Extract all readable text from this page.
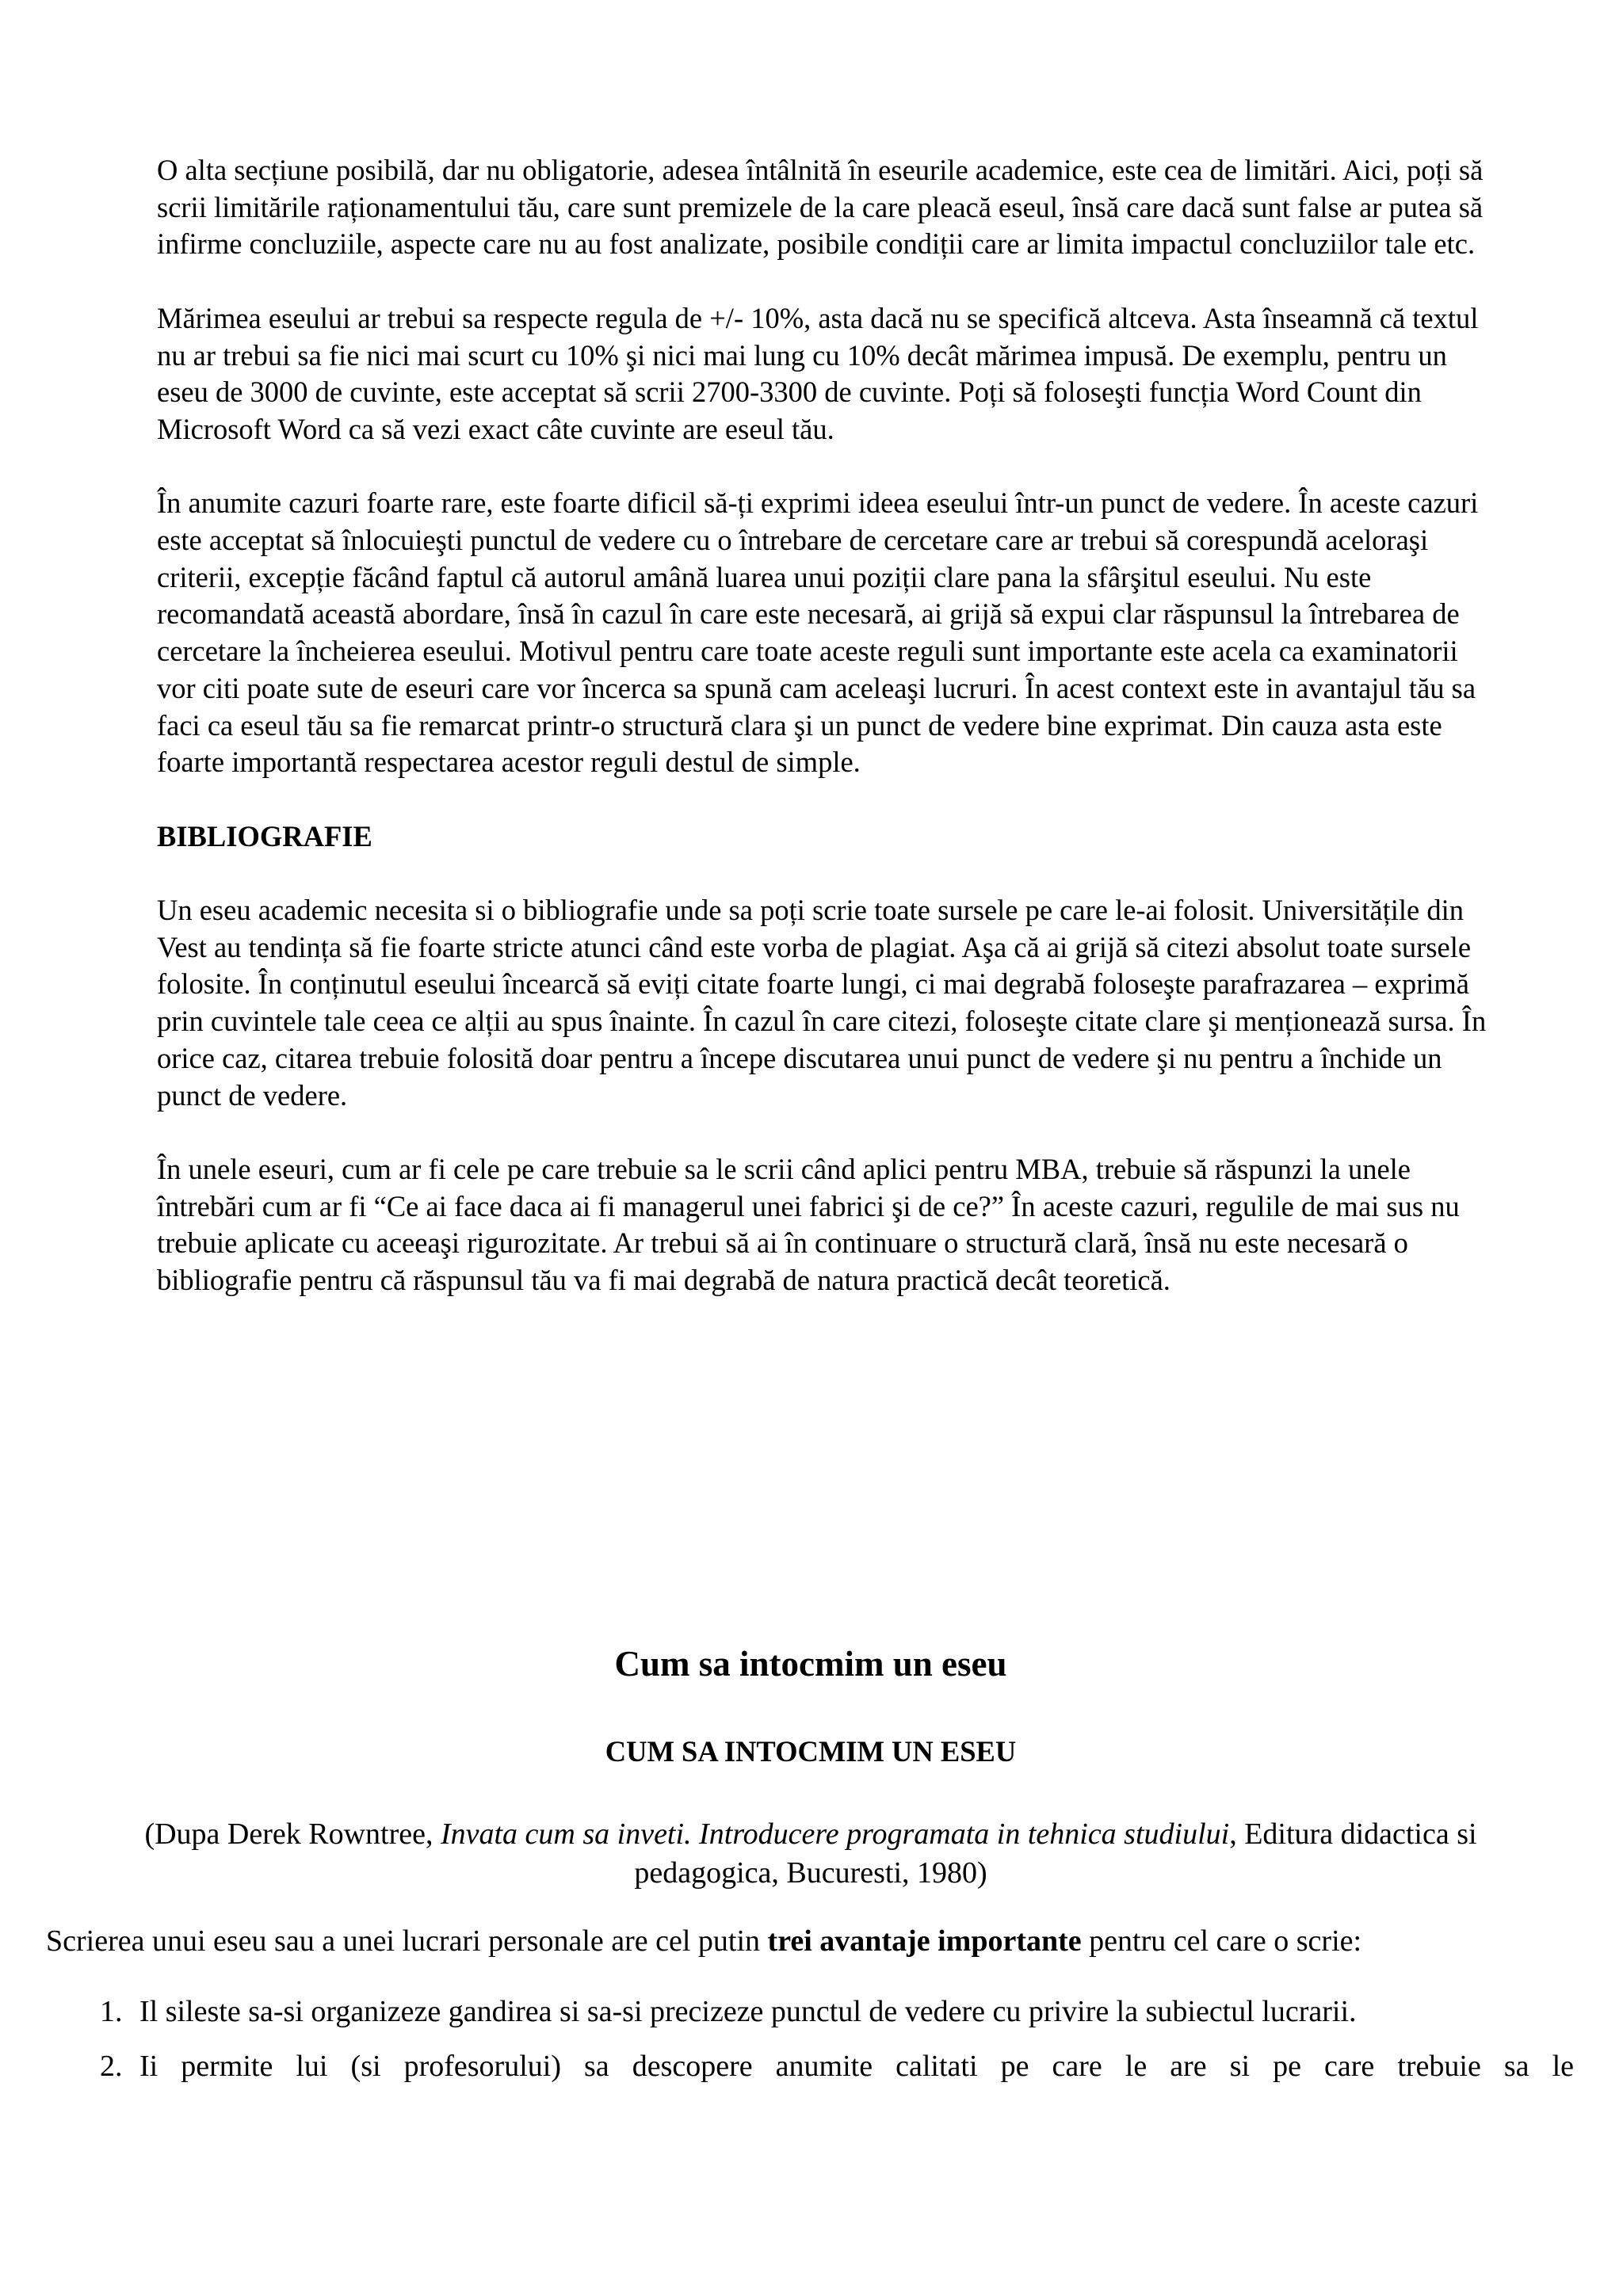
O alta secțiune posibilă, dar nu obligatorie, adesea întâlnită în eseurile academice, este cea de limitări. Aici, poți să scrii limitările raționamentului tău, care sunt premizele de la care pleacă eseul, însă care dacă sunt false ar putea să infirme concluziile, aspecte care nu au fost analizate, posibile condiții care ar limita impactul concluziilor tale etc.

Mărimea eseului ar trebui sa respecte regula de +/- 10%, asta dacă nu se specifică altceva. Asta înseamnă că textul nu ar trebui sa fie nici mai scurt cu 10% şi nici mai lung cu 10% decât mărimea impusă. De exemplu, pentru un eseu de 3000 de cuvinte, este acceptat să scrii 2700-3300 de cuvinte. Poți să foloseşti funcția Word Count din Microsoft Word ca să vezi exact câte cuvinte are eseul tău.

În anumite cazuri foarte rare, este foarte dificil să-ți exprimi ideea eseului într-un punct de vedere. În aceste cazuri este acceptat să înlocuieşti punctul de vedere cu o întrebare de cercetare care ar trebui să corespundă aceloraşi criterii, excepție făcând faptul că autorul amână luarea unui poziții clare pana la sfârşitul eseului. Nu este recomandată această abordare, însă în cazul în care este necesară, ai grijă să expui clar răspunsul la întrebarea de cercetare la încheierea eseului. Motivul pentru care toate aceste reguli sunt importante este acela ca examinatorii vor citi poate sute de eseuri care vor încerca sa spună cam aceleaşi lucruri. În acest context este in avantajul tău sa faci ca eseul tău sa fie remarcat printr-o structură clara şi un punct de vedere bine exprimat. Din cauza asta este foarte importantă respectarea acestor reguli destul de simple.

BIBLIOGRAFIE

Un eseu academic necesita si o bibliografie unde sa poți scrie toate sursele pe care le-ai folosit. Universitățile din Vest au tendința să fie foarte stricte atunci când este vorba de plagiat. Aşa că ai grijă să citezi absolut toate sursele folosite. În conținutul eseului încearcă să eviți citate foarte lungi, ci mai degrabă foloseşte parafrazarea – exprimă prin cuvintele tale ceea ce alții au spus înainte. În cazul în care citezi, foloseşte citate clare şi menționează sursa. În orice caz, citarea trebuie folosită doar pentru a începe discutarea unui punct de vedere şi nu pentru a închide un punct de vedere.

În unele eseuri, cum ar fi cele pe care trebuie sa le scrii când aplici pentru MBA, trebuie să răspunzi la unele întrebări cum ar fi “Ce ai face daca ai fi managerul unei fabrici şi de ce?” În aceste cazuri, regulile de mai sus nu trebuie aplicate cu aceeaşi rigurozitate. Ar trebui să ai în continuare o structură clară, însă nu este necesară o bibliografie pentru că răspunsul tău va fi mai degrabă de natura practică decât teoretică.

Cum sa intocmim un eseu
CUM SA INTOCMIM UN ESEU
(Dupa Derek Rowntree, Invata cum sa inveti. Introducere programata in tehnica studiului, Editura didactica si
pedagogica, Bucuresti, 1980)
Scrierea unui eseu sau a unei lucrari personale are cel putin trei avantaje importante pentru cel care o scrie:
1. Il sileste sa-si organizeze gandirea si sa-si precizeze punctul de vedere cu privire la subiectul lucrarii.
2. Ii permite lui (si profesorului) sa descopere anumite calitati pe care le are si pe care trebuie sa le
